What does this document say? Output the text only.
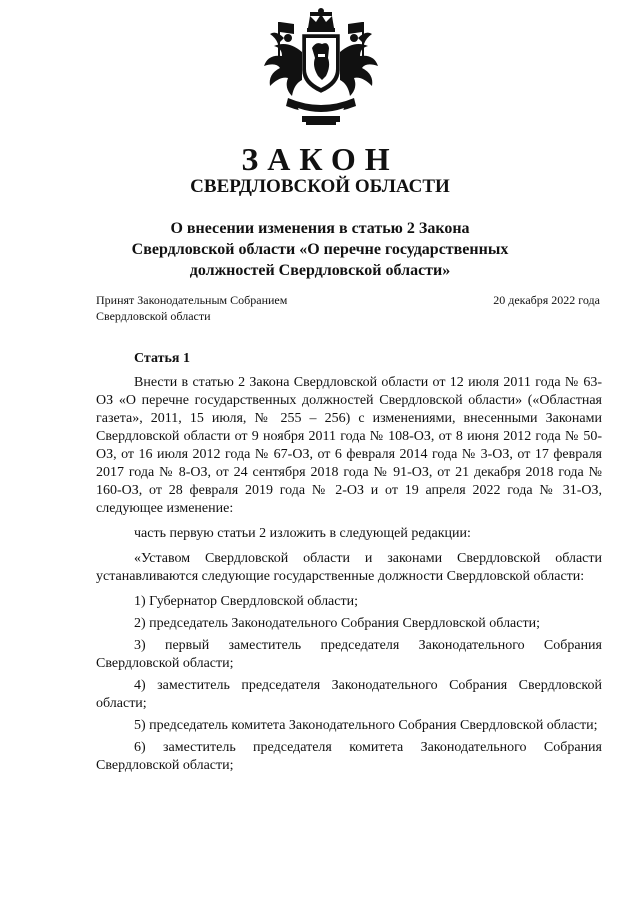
ЗАКОН
СВЕРДЛОВСКОЙ ОБЛАСТИ
О внесении изменения в статью 2 Закона
Свердловской области «О перечне государственных
должностей Свердловской области»
Принят Законодательным Собранием
Свердловской области
20 декабря 2022 года
Статья 1

Внести в статью 2 Закона Свердловской области от 12 июля 2011 года № 63-ОЗ «О перечне государственных должностей Свердловской области» («Областная газета», 2011, 15 июля, № 255 – 256) с изменениями, внесенными Законами Свердловской области от 9 ноября 2011 года № 108-ОЗ, от 8 июня 2012 года № 50-ОЗ, от 16 июля 2012 года № 67-ОЗ, от 6 февраля 2014 года № 3-ОЗ, от 17 февраля 2017 года № 8-ОЗ, от 24 сентября 2018 года № 91-ОЗ, от 21 декабря 2018 года № 160-ОЗ, от 28 февраля 2019 года № 2-ОЗ и от 19 апреля 2022 года № 31-ОЗ, следующее изменение:

часть первую статьи 2 изложить в следующей редакции:

«Уставом Свердловской области и законами Свердловской области устанавливаются следующие государственные должности Свердловской области:

1) Губернатор Свердловской области;

2) председатель Законодательного Собрания Свердловской области;

3) первый заместитель председателя Законодательного Собрания Свердловской области;

4) заместитель председателя Законодательного Собрания Свердловской области;

5) председатель комитета Законодательного Собрания Свердловской области;

6) заместитель председателя комитета Законодательного Собрания Свердловской области;
